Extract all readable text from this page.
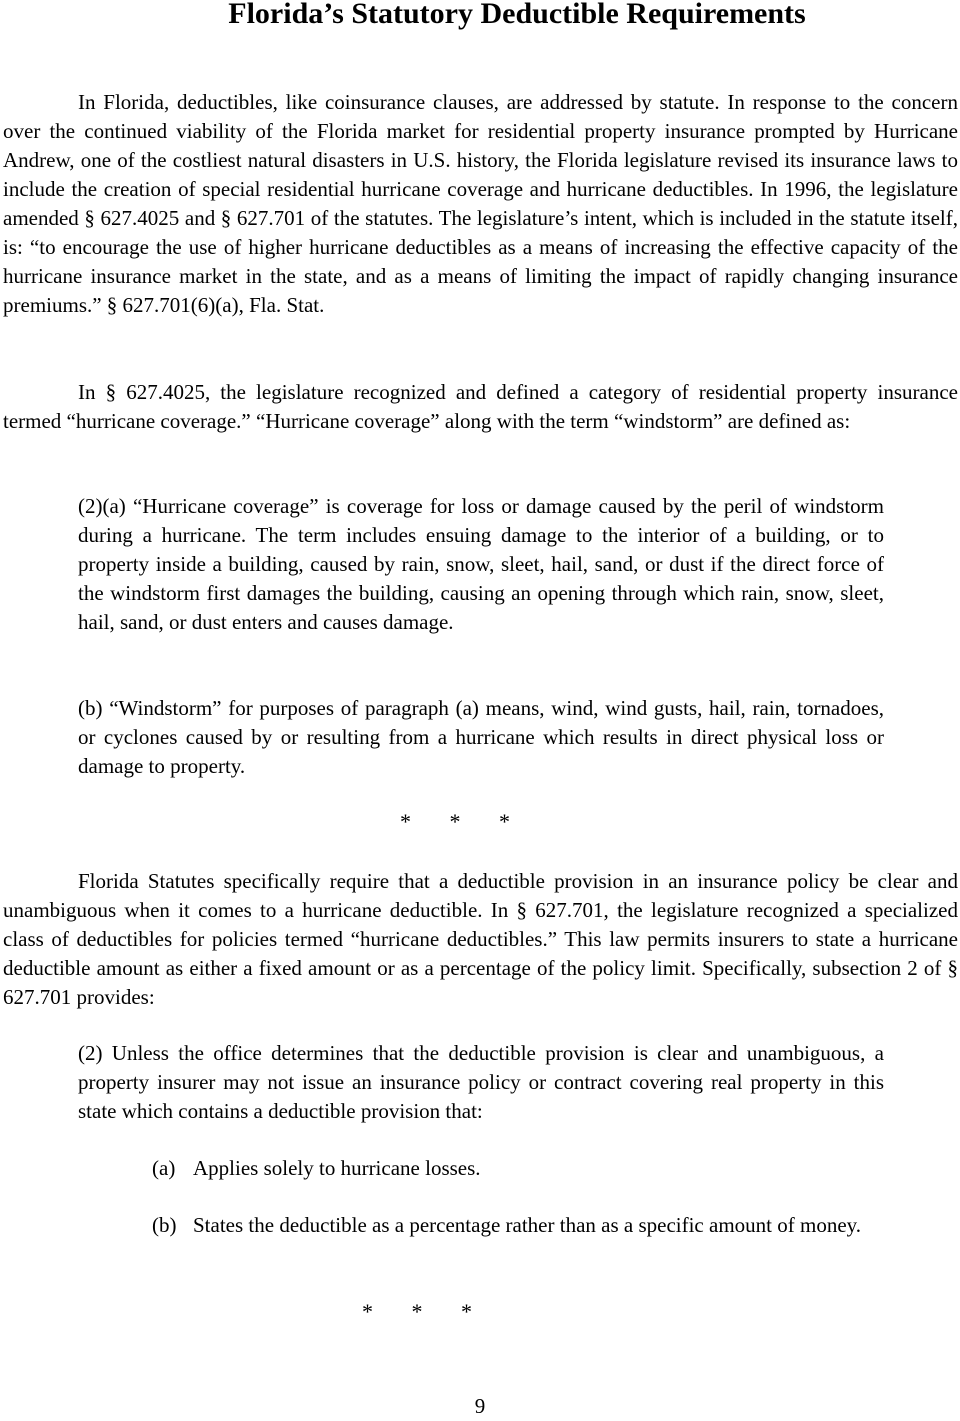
Florida’s Statutory Deductible Requirements

In Florida, deductibles, like coinsurance clauses, are addressed by statute. In response to the concern over the continued viability of the Florida market for residential property insurance prompted by Hurricane Andrew, one of the costliest natural disasters in U.S. history, the Florida legislature revised its insurance laws to include the creation of special residential hurricane coverage and hurricane deductibles. In 1996, the legislature amended § 627.4025 and § 627.701 of the statutes. The legislature’s intent, which is included in the statute itself, is: “to encourage the use of higher hurricane deductibles as a means of increasing the effective capacity of the hurricane insurance market in the state, and as a means of limiting the impact of rapidly changing insurance premiums.” § 627.701(6)(a), Fla. Stat.

In § 627.4025, the legislature recognized and defined a category of residential property insurance termed “hurricane coverage.” “Hurricane coverage” along with the term “windstorm” are defined as:

(2)(a) “Hurricane coverage” is coverage for loss or damage caused by the peril of windstorm during a hurricane. The term includes ensuing damage to the interior of a building, or to property inside a building, caused by rain, snow, sleet, hail, sand, or dust if the direct force of the windstorm first damages the building, causing an opening through which rain, snow, sleet, hail, sand, or dust enters and causes damage.

(b) “Windstorm” for purposes of paragraph (a) means, wind, wind gusts, hail, rain, tornadoes, or cyclones caused by or resulting from a hurricane which results in direct physical loss or damage to property.

*       *       *

Florida Statutes specifically require that a deductible provision in an insurance policy be clear and unambiguous when it comes to a hurricane deductible. In § 627.701, the legislature recognized a specialized class of deductibles for policies termed “hurricane deductibles.” This law permits insurers to state a hurricane deductible amount as either a fixed amount or as a percentage of the policy limit. Specifically, subsection 2 of § 627.701 provides:

(2) Unless the office determines that the deductible provision is clear and unambiguous, a property insurer may not issue an insurance policy or contract covering real property in this state which contains a deductible provision that:

(a) Applies solely to hurricane losses.
(b) States the deductible as a percentage rather than as a specific amount of money.

*       *       *

9
